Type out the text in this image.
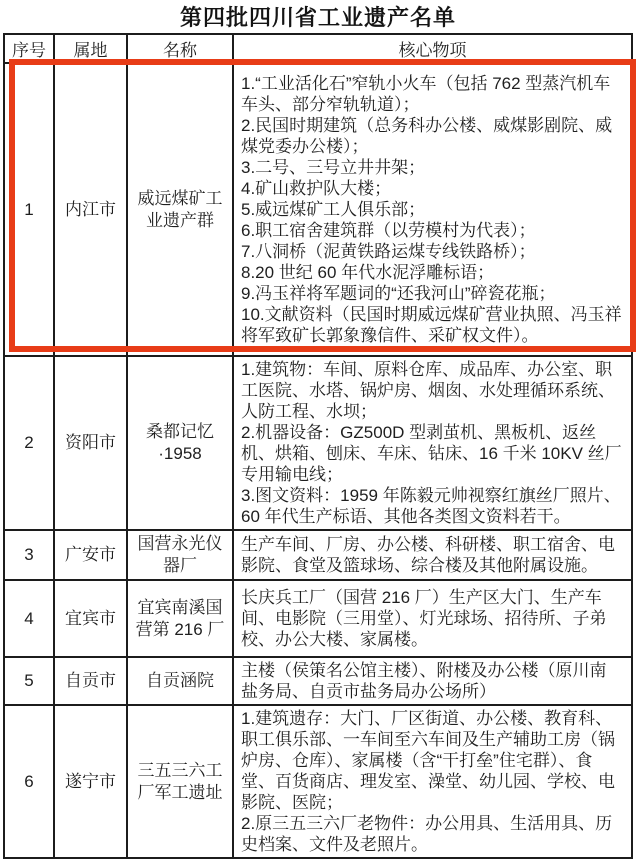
第四批四川省工业遗产名单
序号	属地	名称	核心物项
1	内江市	威远煤矿工业遗产群	
1.“工业活化石”窄轨小火车（包括 762 型蒸汽机车车头、部分窄轨轨道）；
2.民国时期建筑（总务科办公楼、威煤影剧院、威煤党委办公楼）；
3.二号、三号立井井架；
4.矿山救护队大楼；
5.威远煤矿工人俱乐部；
6.职工宿舍建筑群（以劳模村为代表）；
7.八洞桥（泥黄铁路运煤专线铁路桥）；
8.20 世纪 60 年代水泥浮雕标语；
9.冯玉祥将军题词的“还我河山”碎瓷花瓶；
10.文献资料（民国时期威远煤矿营业执照、冯玉祥将军致矿长郭象豫信件、采矿权文件）。

2	资阳市	桑都记忆·1958	1.建筑物：车间、原料仓库、成品库、办公室、职工医院、水塔、锅炉房、烟囱、水处理循环系统、人防工程、水坝；
2.机器设备：GZ500D 型剥茧机、黑板机、返丝机、烘箱、刨床、车床、钻床、16 千米 10KV 丝厂专用输电线；
3.图文资料：1959 年陈毅元帅视察红旗丝厂照片、60 年代生产标语、其他各类图文资料若干。

3	广安市	国营永光仪器厂	生产车间、厂房、办公楼、科研楼、职工宿舍、电影院、食堂及篮球场、综合楼及其他附属设施。

4	宜宾市	宜宾南溪国营第 216 厂	长庆兵工厂（国营 216 厂）生产区大门、生产车间、电影院（三用堂）、灯光球场、招待所、子弟校、办公大楼、家属楼。

5	自贡市	自贡涵院	主楼（侯策名公馆主楼）、附楼及办公楼（原川南盐务局、自贡市盐务局办公场所）

6	遂宁市	三五三六工厂军工遗址	1.建筑遗存：大门、厂区街道、办公楼、教育科、职工俱乐部、一车间至六车间及生产辅助工房（锅炉房、仓库）、家属楼（含“干打垒”住宅群）、食堂、百货商店、理发室、澡堂、幼儿园、学校、电影院、医院；
2.原三五三六厂老物件：办公用具、生活用具、历史档案、文件及老照片。
